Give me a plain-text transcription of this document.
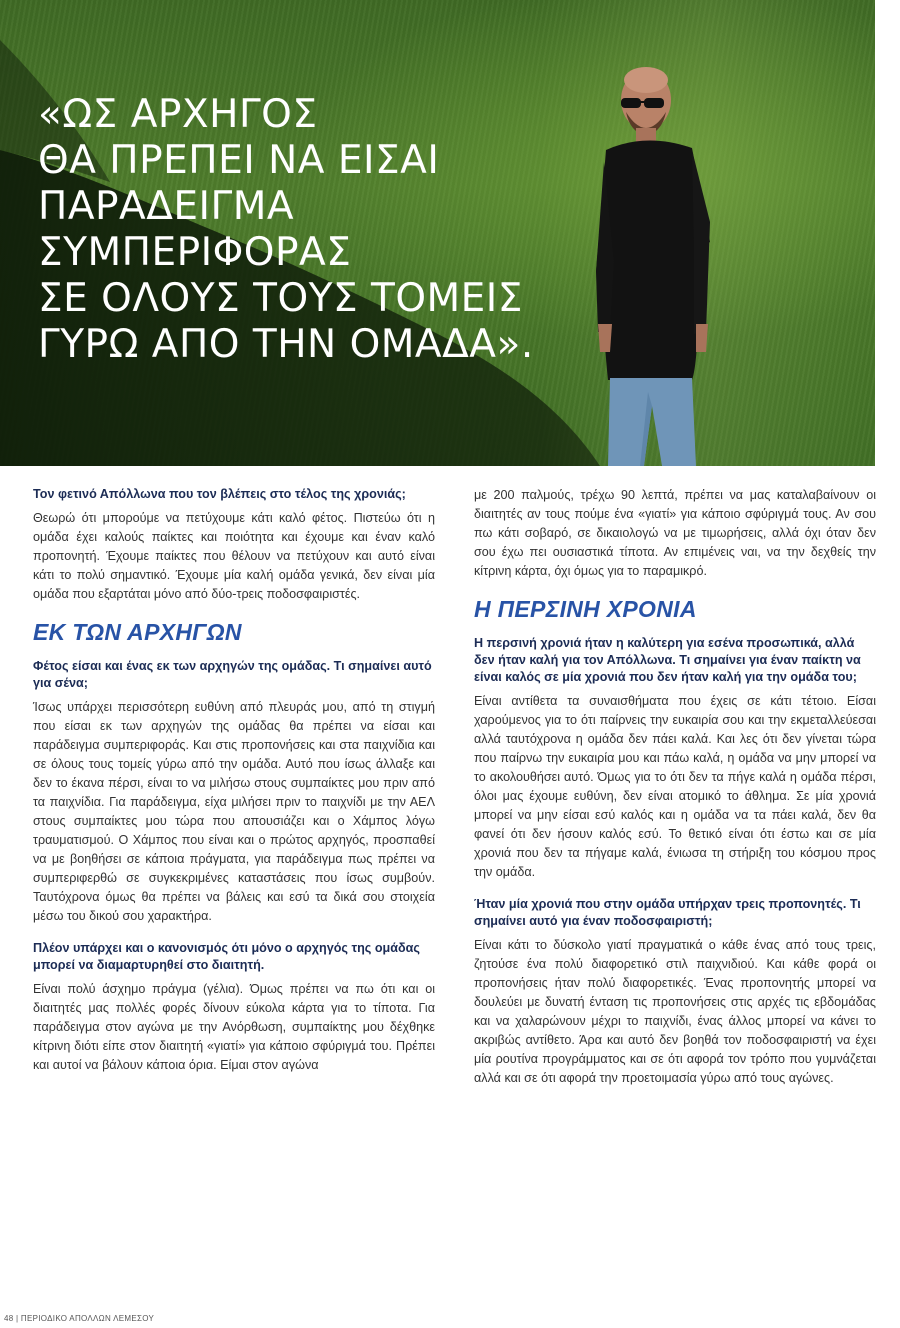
«ΩΣ ΑΡΧΗΓΟΣ
ΘΑ ΠΡΕΠΕΙ ΝΑ ΕΙΣΑΙ
ΠΑΡΑΔΕΙΓΜΑ
ΣΥΜΠΕΡΙΦΟΡΑΣ
ΣΕ ΟΛΟΥΣ ΤΟΥΣ ΤΟΜΕΙΣ
ΓΥΡΩ ΑΠΟ ΤΗΝ ΟΜΑΔΑ».

Τον φετινό Απόλλωνα που τον βλέπεις στο τέλος της χρονιάς;

Θεωρώ ότι μπορούμε να πετύχουμε κάτι καλό φέτος. Πιστεύω ότι η ομάδα έχει καλούς παίκτες και ποιότητα και έχουμε και έναν καλό προπονητή. Έχουμε παίκτες που θέλουν να πετύχουν και αυτό είναι κάτι το πολύ σημαντικό. Έχουμε μία καλή ομάδα γενικά, δεν είναι μία ομάδα που εξαρτάται μόνο από δύο-τρεις ποδοσφαιριστές.

ΕΚ ΤΩΝ ΑΡΧΗΓΩΝ

Φέτος είσαι και ένας εκ των αρχηγών της ομάδας. Τι σημαίνει αυτό για σένα;

Ίσως υπάρχει περισσότερη ευθύνη από πλευράς μου, από τη στιγμή που είσαι εκ των αρχηγών της ομάδας θα πρέπει να είσαι και παράδειγμα συμπεριφοράς. Και στις προπονήσεις και στα παιχνίδια και σε όλους τους τομείς γύρω από την ομάδα. Αυτό που ίσως άλλαξε και δεν το έκανα πέρσι, είναι το να μιλήσω στους συμπαίκτες μου πριν από τα παιχνίδια. Για παράδειγμα, είχα μιλήσει πριν το παιχνίδι με την ΑΕΛ στους συμπαίκτες μου τώρα που απουσιάζει και ο Χάμπος λόγω τραυματισμού. Ο Χάμπος που είναι και ο πρώτος αρχηγός, προσπαθεί να με βοηθήσει σε κάποια πράγματα, για παράδειγμα πως πρέπει να συμπεριφερθώ σε συγκεκριμένες καταστάσεις που ίσως συμβούν. Ταυτόχρονα όμως θα πρέπει να βάλεις και εσύ τα δικά σου στοιχεία μέσω του δικού σου χαρακτήρα.

Πλέον υπάρχει και ο κανονισμός ότι μόνο ο αρχηγός της ομάδας μπορεί να διαμαρτυρηθεί στο διαιτητή.

Είναι πολύ άσχημο πράγμα (γέλια). Όμως πρέπει να πω ότι και οι διαιτητές μας πολλές φορές δίνουν εύκολα κάρτα για το τίποτα. Για παράδειγμα στον αγώνα με την Ανόρθωση, συμπαίκτης μου δέχθηκε κίτρινη διότι είπε στον διαιτητή «γιατί» για κάποιο σφύριγμά του. Πρέπει και αυτοί να βάλουν κάποια όρια. Είμαι στον αγώνα

με 200 παλμούς, τρέχω 90 λεπτά, πρέπει να μας καταλαβαίνουν οι διαιτητές αν τους πούμε ένα «γιατί» για κάποιο σφύριγμά τους. Αν σου πω κάτι σοβαρό, σε δικαιολογώ να με τιμωρήσεις, αλλά όχι όταν δεν σου έχω πει ουσιαστικά τίποτα. Αν επιμένεις ναι, να την δεχθείς την κίτρινη κάρτα, όχι όμως για το παραμικρό.

Η ΠΕΡΣΙΝΗ ΧΡΟΝΙΑ

Η περσινή χρονιά ήταν η καλύτερη για εσένα προσωπικά, αλλά δεν ήταν καλή για τον Απόλλωνα. Τι σημαίνει για έναν παίκτη να είναι καλός σε μία χρονιά που δεν ήταν καλή για την ομάδα του;

Είναι αντίθετα τα συναισθήματα που έχεις σε κάτι τέτοιο. Είσαι χαρούμενος για το ότι παίρνεις την ευκαιρία σου και την εκμεταλλεύεσαι αλλά ταυτόχρονα η ομάδα δεν πάει καλά. Και λες ότι δεν γίνεται τώρα που παίρνω την ευκαιρία μου και πάω καλά, η ομάδα να μην μπορεί να το ακολουθήσει αυτό. Όμως για το ότι δεν τα πήγε καλά η ομάδα πέρσι, όλοι μας έχουμε ευθύνη, δεν είναι ατομικό το άθλημα. Σε μία χρονιά μπορεί να μην είσαι εσύ καλός και η ομάδα να τα πάει καλά, δεν θα φανεί ότι δεν ήσουν καλός εσύ. Το θετικό είναι ότι έστω και σε μία χρονιά που δεν τα πήγαμε καλά, ένιωσα τη στήριξη του κόσμου προς την ομάδα.

Ήταν μία χρονιά που στην ομάδα υπήρχαν τρεις προπονητές. Τι σημαίνει αυτό για έναν ποδοσφαιριστή;

Είναι κάτι το δύσκολο γιατί πραγματικά ο κάθε ένας από τους τρεις, ζητούσε ένα πολύ διαφορετικό στιλ παιχνιδιού. Και κάθε φορά οι προπονήσεις ήταν πολύ διαφορετικές. Ένας προπονητής μπορεί να δουλεύει με δυνατή ένταση τις προπονήσεις στις αρχές τις εβδομάδας και να χαλαρώνουν μέχρι το παιχνίδι, ένας άλλος μπορεί να κάνει το ακριβώς αντίθετο. Άρα και αυτό δεν βοηθά τον ποδοσφαιριστή να έχει μία ρουτίνα προγράμματος και σε ότι αφορά τον τρόπο που γυμνάζεται αλλά και σε ότι αφορά την προετοιμασία γύρω από τους αγώνες.

48 | ΠΕΡΙΟΔΙΚΟ ΑΠΟΛΛΩΝ ΛΕΜΕΣΟΥ
